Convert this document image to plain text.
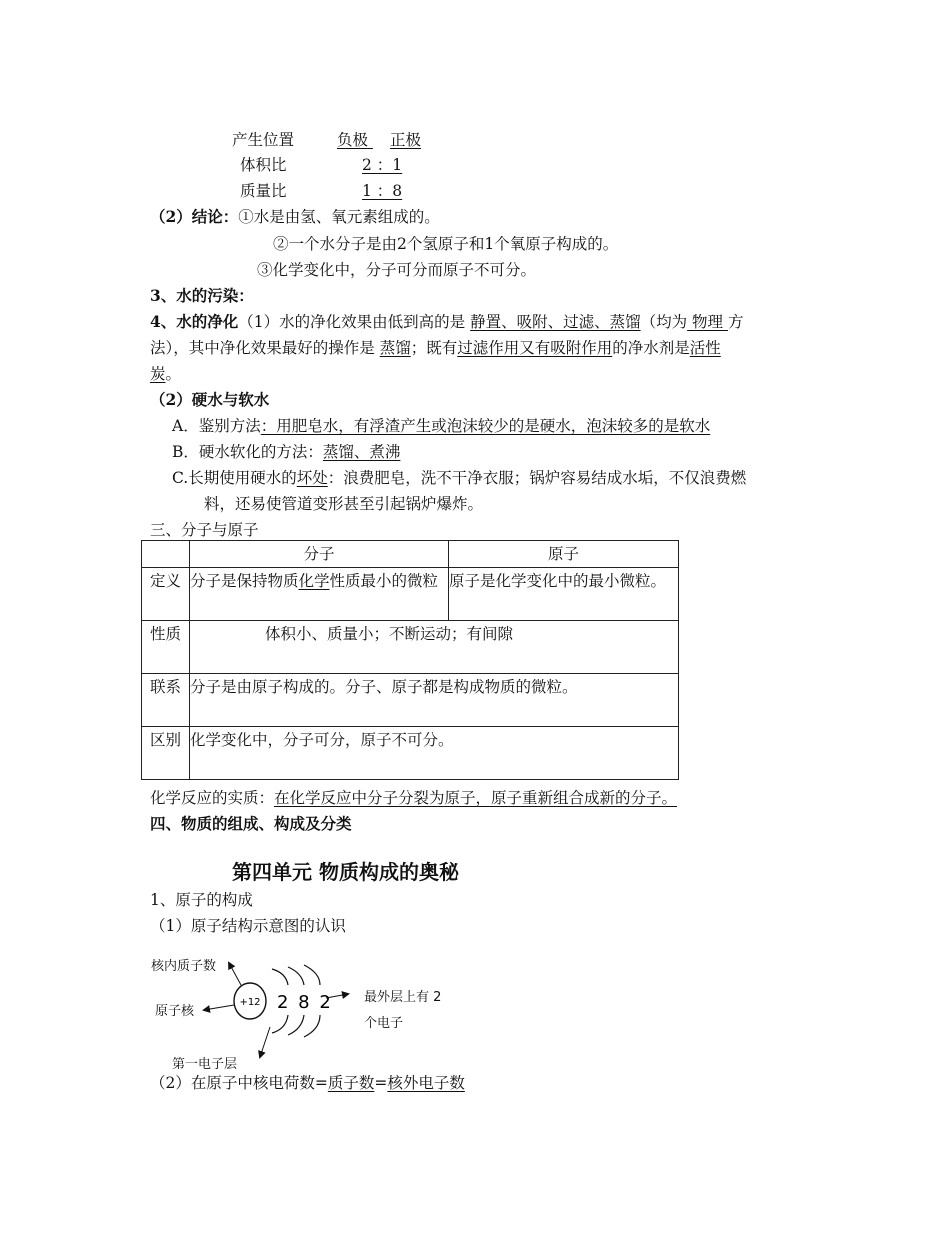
产生位置	负极 正极
体积比	2 ：1
质量比	1 ：8
（2）结论：①水是由氢、氧元素组成的。
②一个水分子是由2个氢原子和1个氧原子构成的。
③化学变化中，分子可分而原子不可分。
3、水的污染：
4、水的净化（1）水的净化效果由低到高的是 静置、吸附、过滤、蒸馏（均为 物理 方
法），其中净化效果最好的操作是 蒸馏；既有过滤作用又有吸附作用的净水剂是活性
炭。
（2）硬水与软水
A．鉴别方法：用肥皂水，有浮渣产生或泡沫较少的是硬水，泡沫较多的是软水
B．硬水软化的方法：蒸馏、煮沸
C.长期使用硬水的坏处：浪费肥皂，洗不干净衣服；锅炉容易结成水垢，不仅浪费燃
料，还易使管道变形甚至引起锅炉爆炸。
三、分子与原子
	分子	原子
定义	分子是保持物质化学性质最小的微粒	原子是化学变化中的最小微粒。
性质	体积小、质量小；不断运动；有间隙	
联系	分子是由原子构成的。分子、原子都是构成物质的微粒。	
区别	化学变化中，分子可分，原子不可分。	
化学反应的实质：在化学反应中分子分裂为原子，原子重新组合成新的分子。
四、物质的组成、构成及分类
第四单元 物质构成的奥秘
1、原子的构成
（1）原子结构示意图的认识
+12 2 8 2
核内质子数
原子核
第一电子层
最外层上有 2
个电子
（2）在原子中核电荷数=质子数=核外电子数
